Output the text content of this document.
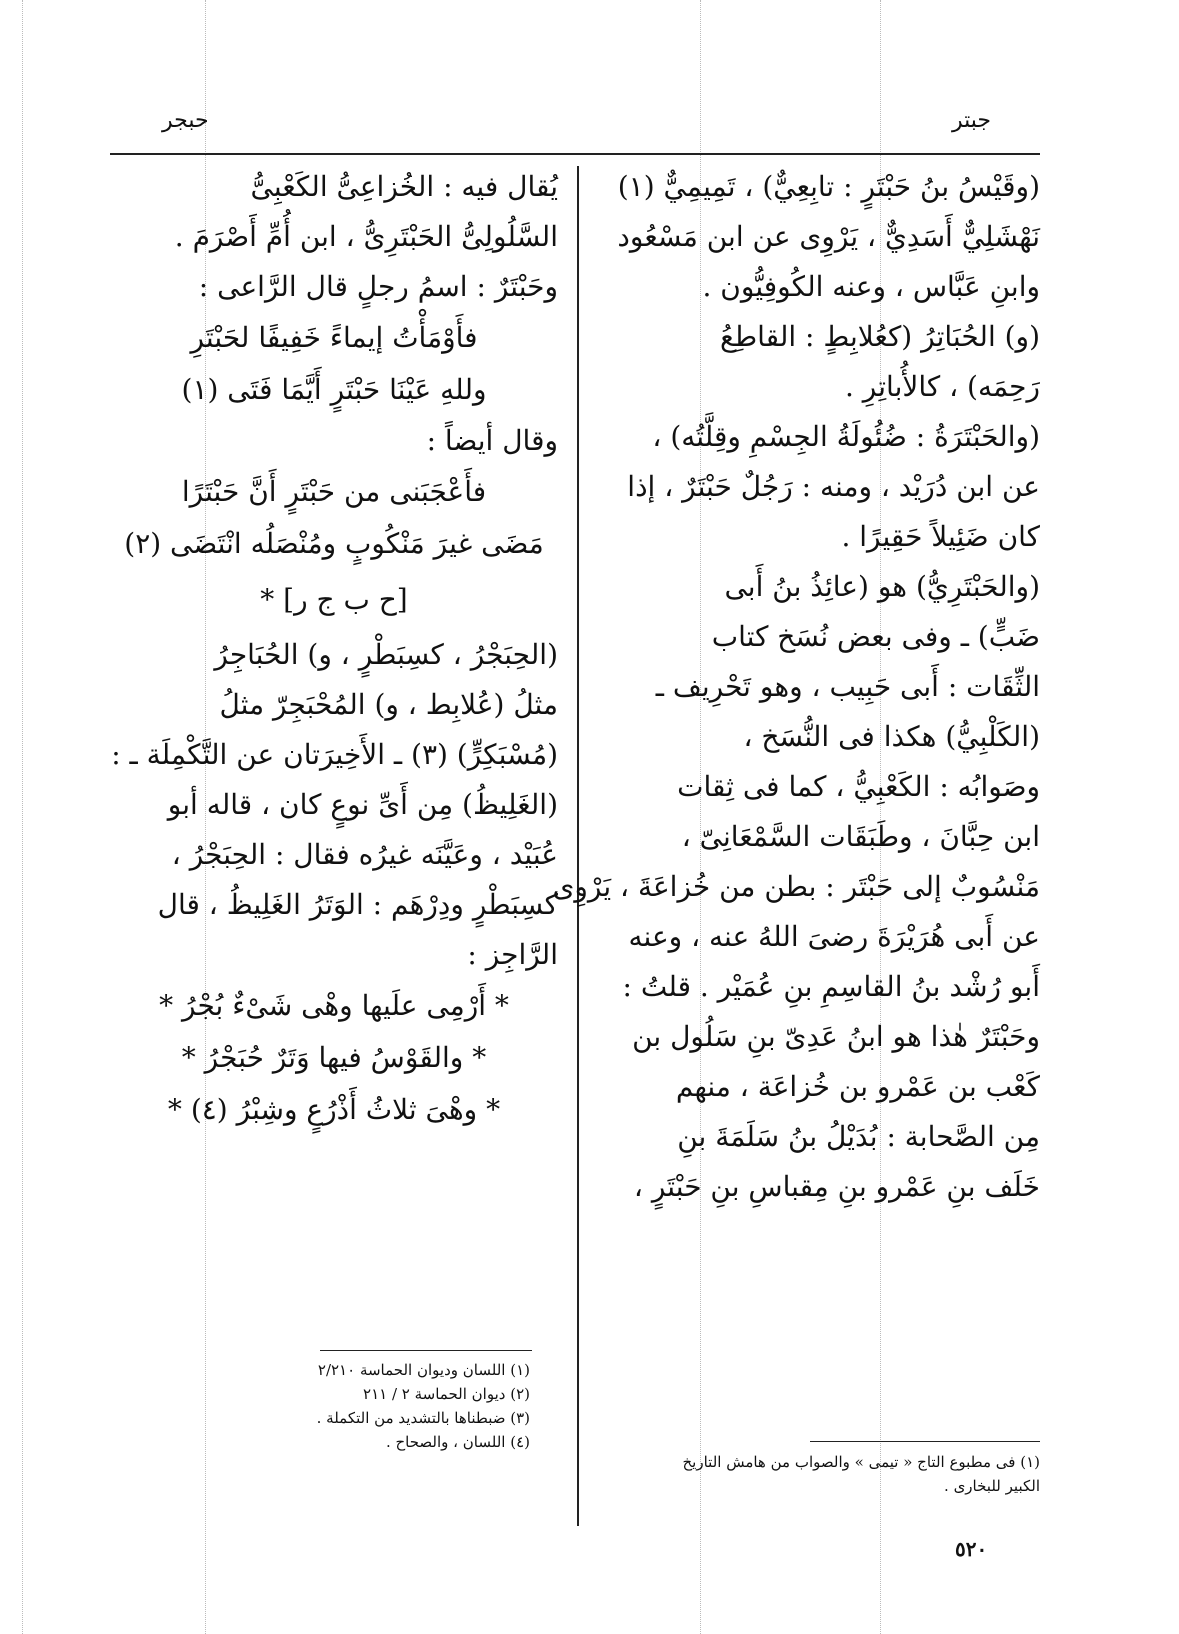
جبتر
حبجر

(وقَيْسُ بنُ حَبْتَرٍ : تابِعِيٌّ) ، تَمِيمِيٌّ (١)

نَهْشَلِيٌّ أَسَدِيٌّ ، يَرْوِى عن ابن مَسْعُود

وابنِ عَبَّاس ، وعنه الكُوفِيُّون .

(و) الحُبَاتِرُ (كعُلابِطٍ : القاطِعُ

رَحِمَه) ، كالأُباتِرِ .

(والحَبْتَرَةُ : ضُئُولَةُ الجِسْمِ وقِلَّتُه) ،

عن ابن دُرَيْد ، ومنه : رَجُلٌ حَبْتَرٌ ، إذا

كان ضَئِيلاً حَقِيرًا .

(والحَبْتَرِيُّ) هو (عائِذُ بنُ أَبى

ضَبٍّ) ـ وفى بعض نُسَخ كتاب

الثِّقَات : أَبى حَبِيب ، وهو تَحْرِيف ـ

(الكَلْبِيُّ) هكذا فى النُّسَخ ،

وصَوابُه : الكَعْبِيُّ ، كما فى ثِقات

ابن حِبَّانَ ، وطَبَقَات السَّمْعَانِىّ ،

مَنْسُوبٌ إلى حَبْتَر : بطن من خُزاعَةَ ، يَرْوِى

عن أَبى هُرَيْرَةَ رضىَ اللهُ عنه ، وعنه

أَبو رُشْد بنُ القاسِمِ بنِ عُمَيْر . قلتُ :

وحَبْتَرٌ هٰذا هو ابنُ عَدِىّ بنِ سَلُول بن

كَعْب بن عَمْرو بن خُزاعَة ، منهم

مِن الصَّحابة : بُدَيْلُ بنُ سَلَمَةَ بنِ

خَلَف بنِ عَمْرو بنِ مِقباسِ بنِ حَبْتَرٍ ،

(١) فى مطبوع التاج « تيمى » والصواب من هامش التاريخ
الكبير للبخارى .

يُقال فيه : الخُزاعِىُّ الكَعْبِىُّ

السَّلُولِىُّ الحَبْتَرِىُّ ، ابن أُمِّ أَصْرَمَ .

وحَبْتَرٌ : اسمُ رجلٍ قال الرَّاعى :

فأَوْمَأْتُ إيماءً خَفِيفًا لحَبْتَرِ

وللهِ عَيْنَا حَبْتَرٍ أَيَّمَا فَتَى (١)

وقال أيضاً :

فأَعْجَبَنى من حَبْتَرٍ أَنَّ حَبْتَرًا

مَضَى غيرَ مَنْكُوبٍ ومُنْصَلُه انْتَضَى (٢)

[ح ب ج ر] *

(الحِبَجْرُ ، كسِبَطْرٍ ، و) الحُبَاجِرُ

مثلُ (عُلابِط ، و) المُحْبَجِرّ مثلُ

(مُسْبَكِرٍّ) (٣) ـ الأَخِيرَتان عن التَّكْمِلَة ـ :

(الغَلِيظُ) مِن أَىِّ نوعٍ كان ، قاله أبو

عُبَيْد ، وعَيَّنَه غيرُه فقال : الحِبَجْرُ ،

كسِبَطْرٍ ودِرْهَم : الوَتَرُ الغَلِيظُ ، قال

الرَّاجِز :

* أَرْمِى علَيها وهْى شَىْءٌ بُجْرُ *

* والقَوْسُ فيها وَتَرٌ حُبَجْرُ *

* وهْىَ ثلاثُ أَذْرُعٍ وشِبْرُ (٤) *

(١) اللسان وديوان الحماسة ٢/٢١٠
(٢) ديوان الحماسة ٢ / ٢١١
(٣) ضبطناها بالتشديد من التكملة .
(٤) اللسان ، والصحاح .
٥٢٠
